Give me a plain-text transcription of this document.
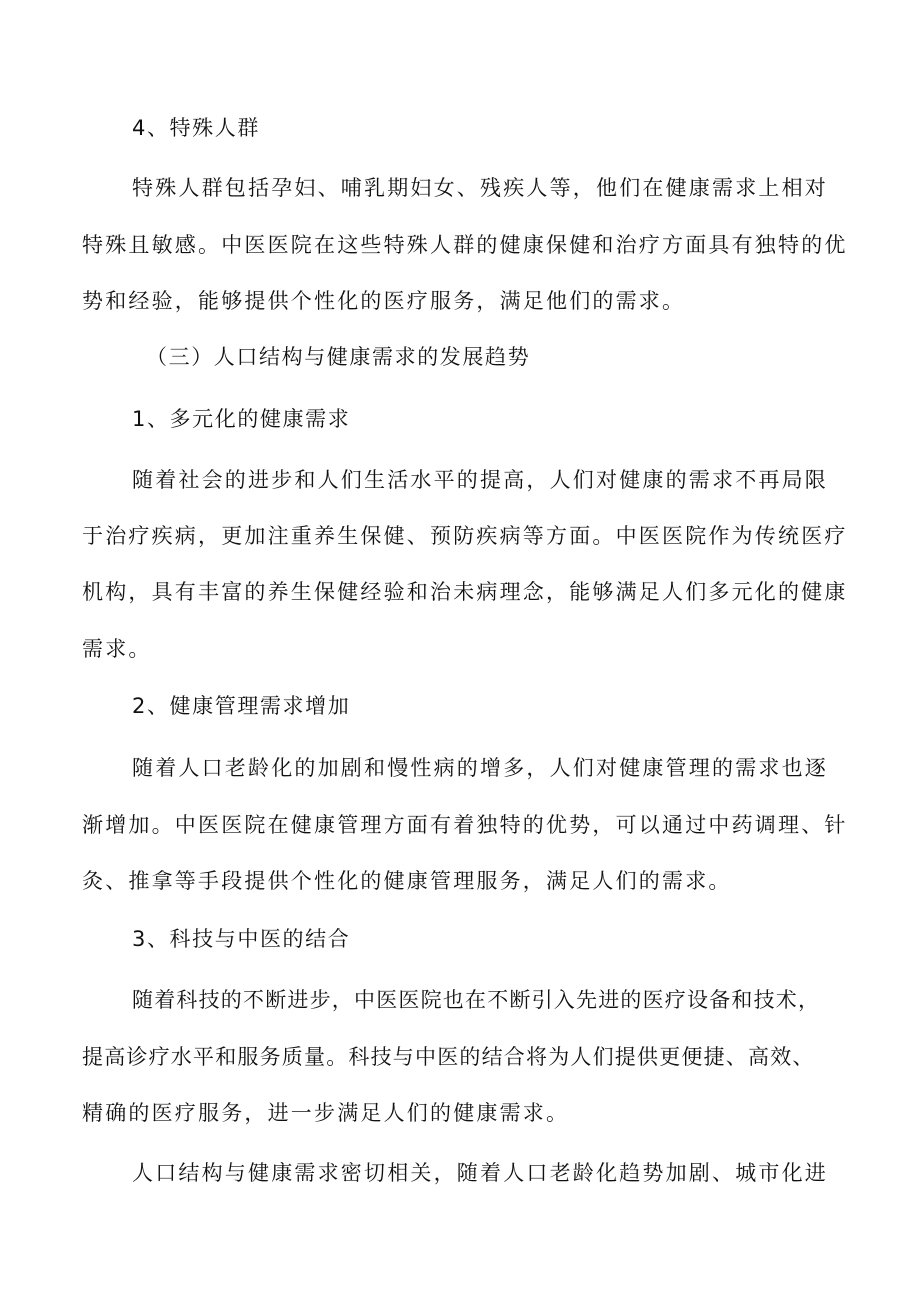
4、特殊人群
特殊人群包括孕妇、哺乳期妇女、残疾人等，他们在健康需求上相对
特殊且敏感。中医医院在这些特殊人群的健康保健和治疗方面具有独特的优
势和经验，能够提供个性化的医疗服务，满足他们的需求。
（三）人口结构与健康需求的发展趋势
1、多元化的健康需求
随着社会的进步和人们生活水平的提高，人们对健康的需求不再局限
于治疗疾病，更加注重养生保健、预防疾病等方面。中医医院作为传统医疗
机构，具有丰富的养生保健经验和治未病理念，能够满足人们多元化的健康
需求。
2、健康管理需求增加
随着人口老龄化的加剧和慢性病的增多，人们对健康管理的需求也逐
渐增加。中医医院在健康管理方面有着独特的优势，可以通过中药调理、针
灸、推拿等手段提供个性化的健康管理服务，满足人们的需求。
3、科技与中医的结合
随着科技的不断进步，中医医院也在不断引入先进的医疗设备和技术，
提高诊疗水平和服务质量。科技与中医的结合将为人们提供更便捷、高效、
精确的医疗服务，进一步满足人们的健康需求。
人口结构与健康需求密切相关，随着人口老龄化趋势加剧、城市化进
